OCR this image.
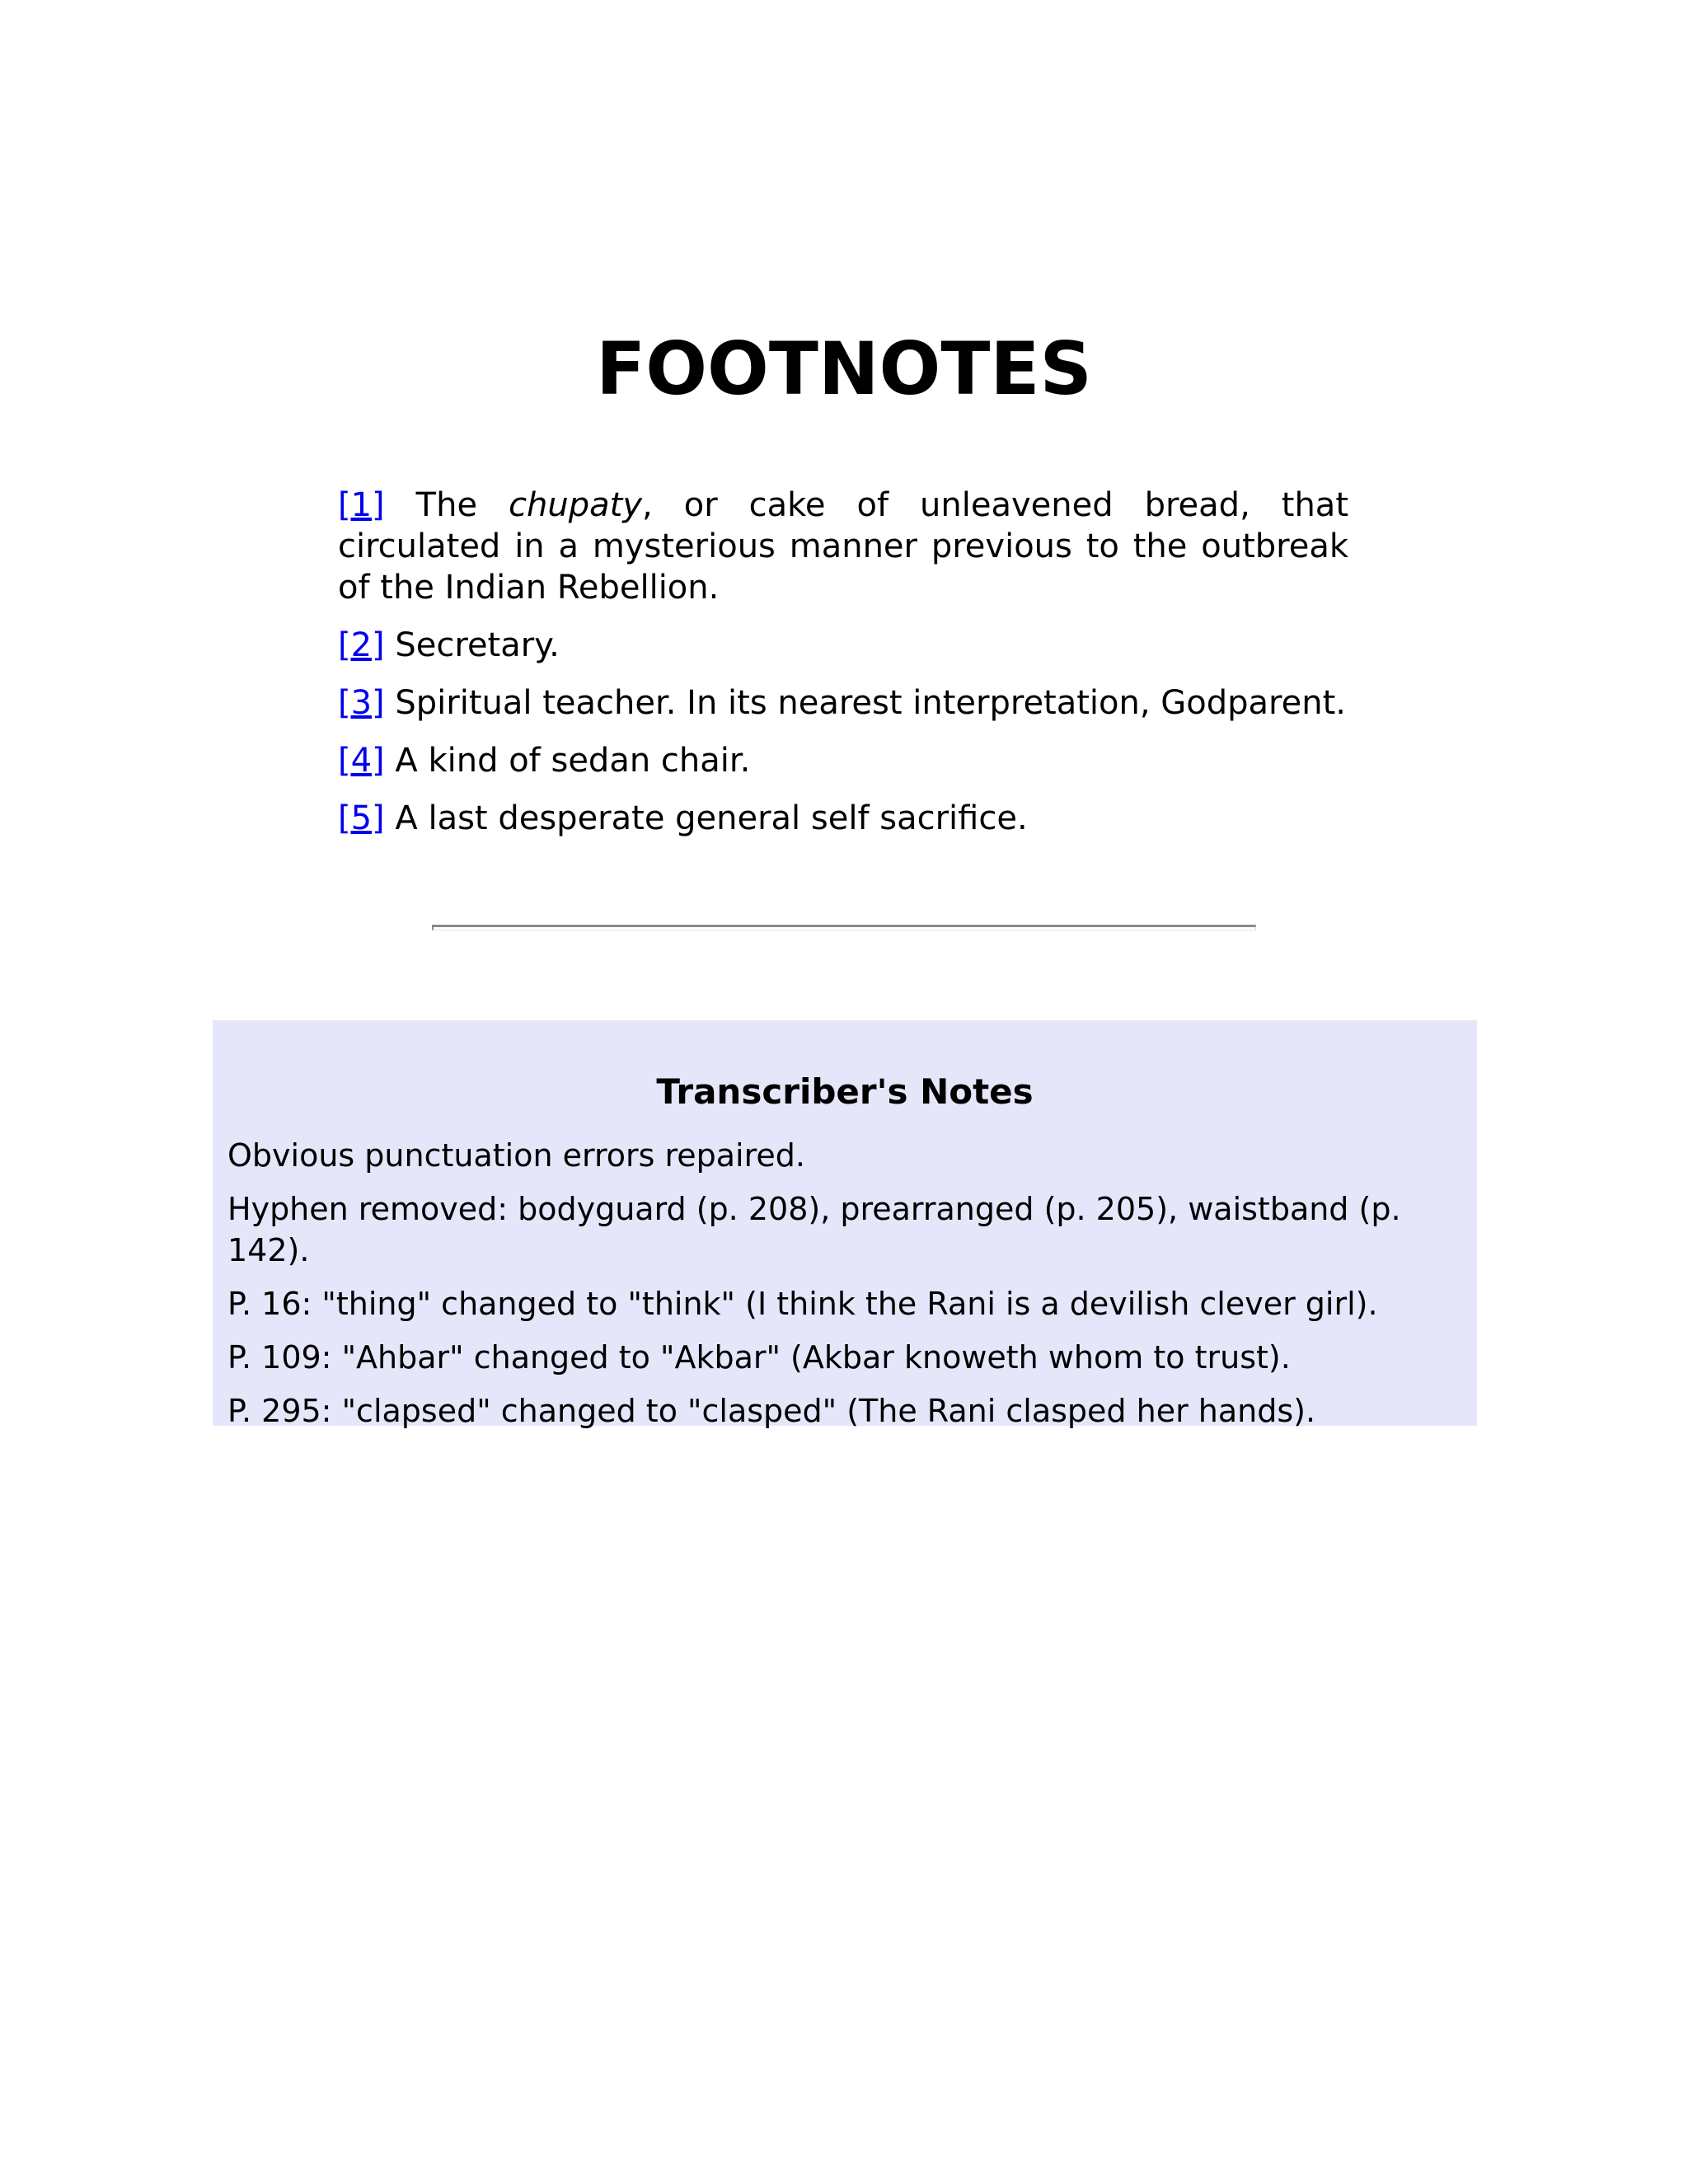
FOOTNOTES

[1] The chupaty, or cake of unleavened bread, that circulated in a mysterious manner previous to the outbreak of the Indian Rebellion.

[2] Secretary.

[3] Spiritual teacher. In its nearest interpretation, Godparent.

[4] A kind of sedan chair.

[5] A last desperate general self sacrifice.

Transcriber's Notes

Obvious punctuation errors repaired.

Hyphen removed: bodyguard (p. 208), prearranged (p. 205), waistband (p. 142).

P. 16: "thing" changed to "think" (I think the Rani is a devilish clever girl).

P. 109: "Ahbar" changed to "Akbar" (Akbar knoweth whom to trust).

P. 295: "clapsed" changed to "clasped" (The Rani clasped her hands).
